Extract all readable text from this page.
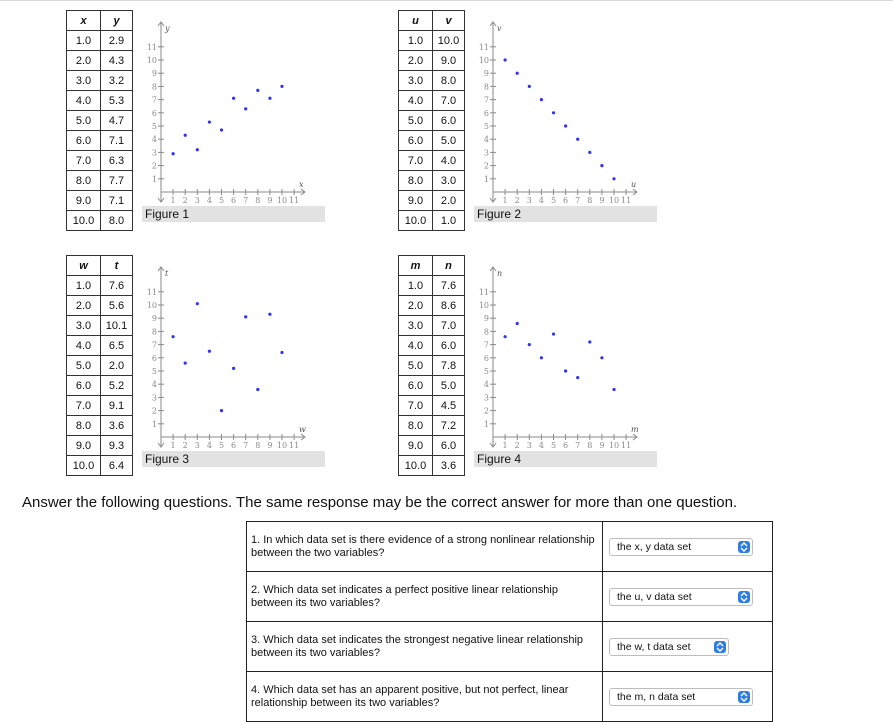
x	y
1.0	2.9
2.0	4.3
3.0	3.2
4.0	5.3
5.0	4.7
6.0	7.1
7.0	6.3
8.0	7.7
9.0	7.1
10.0	8.0
1
2
3
4
5
6
7
8
9
10
11
1 2 3 4 5 6 7 8 9 10 11
y
x
Figure 1
u	v
1.0	10.0
2.0	9.0
3.0	8.0
4.0	7.0
5.0	6.0
6.0	5.0
7.0	4.0
8.0	3.0
9.0	2.0
10.0	1.0
1
2
3
4
5
6
7
8
9
10
11
1 2 3 4 5 6 7 8 9 10 11
v
u
Figure 2
w	t
1.0	7.6
2.0	5.6
3.0	10.1
4.0	6.5
5.0	2.0
6.0	5.2
7.0	9.1
8.0	3.6
9.0	9.3
10.0	6.4
1
2
3
4
5
6
7
8
9
10
11
1 2 3 4 5 6 7 8 9 10 11
t
w
Figure 3
m	n
1.0	7.6
2.0	8.6
3.0	7.0
4.0	6.0
5.0	7.8
6.0	5.0
7.0	4.5
8.0	7.2
9.0	6.0
10.0	3.6
1
2
3
4
5
6
7
8
9
10
11
1 2 3 4 5 6 7 8 9 10 11
n
m
Figure 4
Answer the following questions. The same response may be the correct answer for more than one question.
1. In which data set is there evidence of a strong nonlinear relationship between the two variables?	the x, y data set

2. Which data set indicates a perfect positive linear relationship between its two variables?	the u, v data set

3. Which data set indicates the strongest negative linear relationship between its two variables?	the w, t data set

4. Which data set has an apparent positive, but not perfect, linear relationship between its two variables?	the m, n data set
